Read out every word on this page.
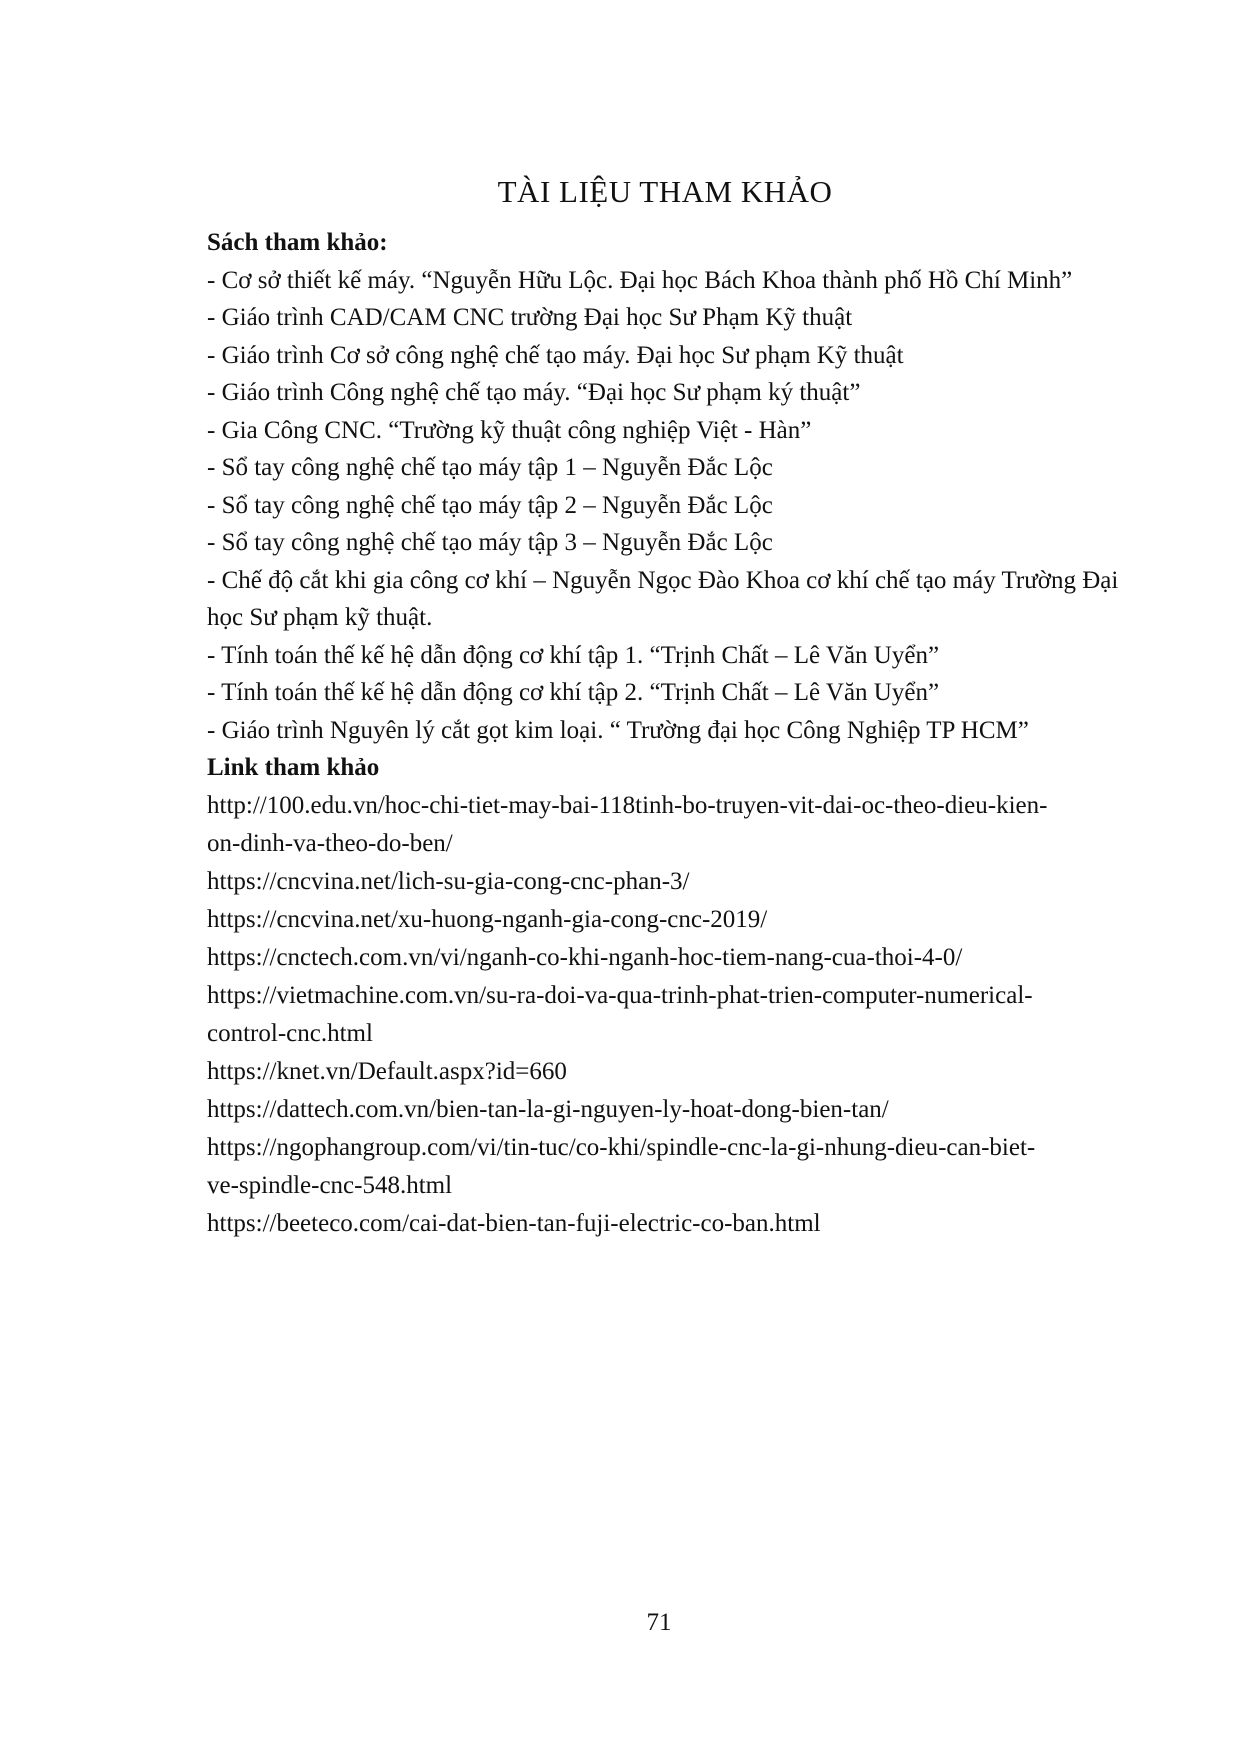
TÀI LIỆU THAM KHẢO
Sách tham khảo:
- Cơ sở thiết kế máy. “Nguyễn Hữu Lộc. Đại học Bách Khoa thành phố Hồ Chí Minh”
- Giáo trình CAD/CAM CNC trường Đại học Sư Phạm Kỹ thuật
- Giáo trình Cơ sở công nghệ chế tạo máy. Đại học Sư phạm Kỹ thuật
- Giáo trình Công nghệ chế tạo máy. “Đại học Sư phạm ký thuật”
- Gia Công CNC. “Trường kỹ thuật công nghiệp Việt - Hàn”
- Sổ tay công nghệ chế tạo máy tập 1 – Nguyễn Đắc Lộc
- Sổ tay công nghệ chế tạo máy tập 2 – Nguyễn Đắc Lộc
- Sổ tay công nghệ chế tạo máy tập 3 – Nguyễn Đắc Lộc
- Chế độ cắt khi gia công cơ khí – Nguyễn Ngọc Đào Khoa cơ khí chế tạo máy Trường Đại học Sư phạm kỹ thuật.
- Tính toán thế kế hệ dẫn động cơ khí tập 1. “Trịnh Chất – Lê Văn Uyển”
- Tính toán thế kế hệ dẫn động cơ khí tập 2. “Trịnh Chất – Lê Văn Uyển”
- Giáo trình Nguyên lý cắt gọt kim loại. “ Trường đại học Công Nghiệp TP HCM”
Link tham khảo
http://100.edu.vn/hoc-chi-tiet-may-bai-118tinh-bo-truyen-vit-dai-oc-theo-dieu-kien-
on-dinh-va-theo-do-ben/
https://cncvina.net/lich-su-gia-cong-cnc-phan-3/
https://cncvina.net/xu-huong-nganh-gia-cong-cnc-2019/
https://cnctech.com.vn/vi/nganh-co-khi-nganh-hoc-tiem-nang-cua-thoi-4-0/
https://vietmachine.com.vn/su-ra-doi-va-qua-trinh-phat-trien-computer-numerical-
control-cnc.html
https://knet.vn/Default.aspx?id=660
https://dattech.com.vn/bien-tan-la-gi-nguyen-ly-hoat-dong-bien-tan/
https://ngophangroup.com/vi/tin-tuc/co-khi/spindle-cnc-la-gi-nhung-dieu-can-biet-
ve-spindle-cnc-548.html
https://beeteco.com/cai-dat-bien-tan-fuji-electric-co-ban.html
71
